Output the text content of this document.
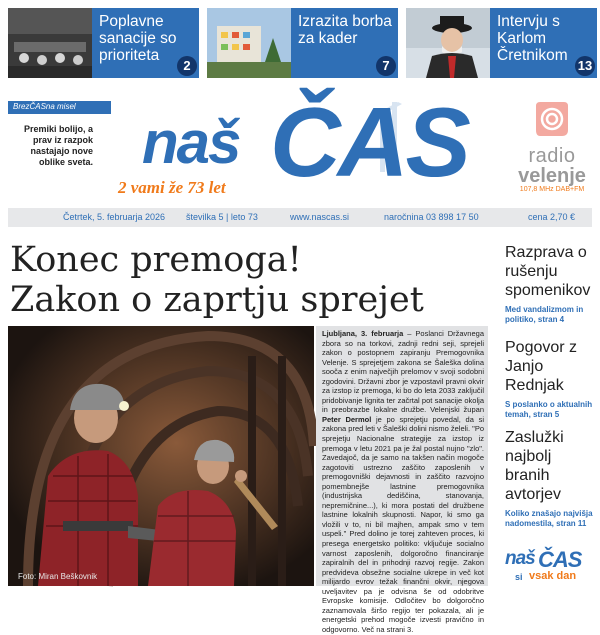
Poplavne sanacije so prioriteta
2
Izrazita borba za kader
7
Intervju s Karlom Čretnikom
13
BrezČASna misel
Premiki bolijo, a prav iz razpok nastajajo nove oblike sveta. naš ČAS
2 vami že 73 let
radio
velenje
107,8 MHz DAB+FM
Četrtek, 5. februarja 2026 številka 5 | leto 73	www.nascas.si	naročnina 03 898 17 50	cena 2,70 €
Konec premoga!
Zakon o zaprtju sprejet
Foto: Miran Beškovnik
Ljubljana, 3. februarja – Poslanci Državnega zbora so na torkovi, zadnji redni seji, sprejeli zakon o postopnem zapiranju Premogovnika Velenje. S sprejetjem zakona se Šaleška dolina sooča z enim največjih prelomov v svoji sodobni zgodovini. Državni zbor je vzpostavil pravni okvir za izstop iz premoga, ki bo do leta 2033 zaključil pridobivanje lignita ter začrtal pot sanacije okolja in preobrazbe lokalne družbe. Velenjski župan Peter Dermol je po sprejetju povedal, da si zakona pred leti v Šaleški dolini nismo želeli. "Po sprejetju Nacionalne strategije za izstop iz premoga v letu 2021 pa je žal postal nujno "zlo". Zavedajoč, da je samo na takšen način mogoče zagotoviti ustrezno zaščito zaposlenih v premogovniški dejavnosti in zaščito razvojno pomembnejše lastnine premogovnika (industrijska dediščina, stanovanja, nepremičnine...), ki mora postati del družbene lastnine lokalnih skupnosti. Napor, ki smo ga vložili v to, ni bil majhen, ampak smo v tem uspeli." Pred dolino je torej zahteven proces, ki presega energetsko politiko: vključuje socialno varnost zaposlenih, dolgoročno financiranje zapiralnih del in prihodnji razvoj regije. Zakon predvideva obsežne socialne ukrepe in več kot milijardo evrov težak finančni okvir, njegova uveljavitev pa je odvisna še od odobritve Evropske komisije. Odločitev bo dolgoročno zaznamovala širšo regijo ter pokazala, ali je energetski prehod mogoče izvesti pravično in odgovorno. Več na strani 3.
Razprava o rušenju spomenikov
Med vandalizmom in politiko, stran 4
Pogovor z Janjo Rednjak
S poslanko o aktualnih temah, stran 5
Zaslužki najbolj branih avtorjev
Koliko znašajo najvišja nadomestila, stran 11
naš ČAS
si vsak dan
